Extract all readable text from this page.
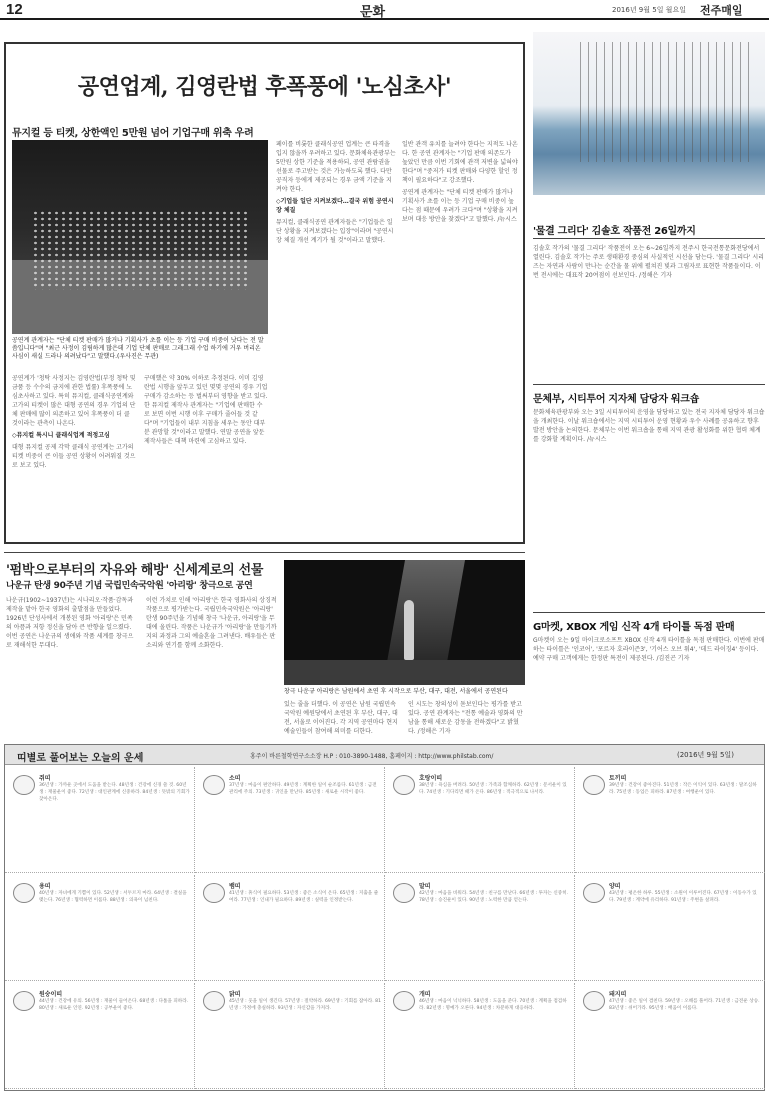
12	문화	2016년 9월 5일 월요일 전주매일
공연업계, 김영란법 후폭풍에 '노심초사'
뮤지컬 등 티켓, 상한액인 5만원 넘어 기업구매 위축 우려
공연계 관계자는 "단체 티켓 판매가 많거나 기획사가 초를 이는 등 기업 구매 비중이 낫다는 전 말씀입니다"며 "최근 사정이 김림하게 많은데 기업 단체 판매로 그래그래 수업 하기에 거우 버리온 사심이 새실 드라나 의려났다"고 말했다.(우사진은 무관)

공연계가 '청탁 사정지는 김영란법(부정 청탁 및 금품 등 수수의 금지에 관한 법률) 후폭풍에 노심초사하고 있다. 특히 뮤지컬, 클래식공연계와 고가의 티켓이 많은 대형 공연의 경우 기업의 단체 판매에 많이 의존하고 있어 후폭풍이 더 클 것이라는 관측이 나온다.

◇뮤지컬 특시니 클래식업계 적정고심

대형 뮤지컬 공제 각막 클래식 공연계는 고가의 티켓 비중이 큰 이들 공연 상황이 어려워질 것으로 보고 있다.

구매했은 약 30% 이하로 추정된다. 이미 김영란법 시행을 앞두고 있던 몇몇 공연의 경우 기업 구매가 감소하는 등 벌써부터 영향을 받고 있다. 한 뮤지컬 제작사 관계자는 "기업에 판매한 수로 보면 이번 시행 이후 구매가 줄어들 것 같다"며 "기업들이 내부 지침을 세우는 동안 대부분 관망할 것"이라고 말했다. 연말 공연을 앞둔 제작사들은 대책 마련에 고심하고 있다.

페이를 비롯한 클래식공연 업계는 큰 타격을 입지 않을까 우려하고 있다. 문화체육관광부는 5만원 상한 기준을 적용하되, 공연 관람권을 선물로 주고받는 것은 가능하도록 했다. 다만 공직자 등에게 제공되는 경우 금액 기준을 지켜야 한다.

◇기업들 일단 지켜보겠다…결국 위험 공연시장 체질

뮤지컬, 클래식공연 관계자들은 "기업들은 일단 상황을 지켜보겠다는 입장"이라며 "공연시장 체질 개선 계기가 될 것"이라고 말했다.

일반 관객 유치를 늘려야 한다는 지적도 나온다. 한 공연 관계자는 "기업 판매 의존도가 높았던 만큼 이번 기회에 관객 저변을 넓혀야 한다"며 "중저가 티켓 판매와 다양한 할인 정책이 필요하다"고 강조했다.

공연계 관계자는 "단체 티켓 판매가 많거나 기획사가 초를 이는 등 기업 구매 비중이 높다는 점 때문에 우려가 크다"며 "상황을 지켜보며 대응 방안을 찾겠다"고 말했다. /뉴시스

'물결 그리다' 김솔호 작품전 26일까지
김솔호 작가의 '물결 그리다' 작품전이 오는 6~26일까지 전주시 한국전통문화전당에서 열린다. 김솔호 작가는 주로 생태환경 중심의 사실적인 시선을 담는다. '물결 그리다' 시리즈는 자연과 사람이 만나는 순간을 물 위에 펼쳐진 빛과 그림자로 표현한 작품들이다. 이번 전시에는 대표작 20여점이 선보인다. /정해은 기자
문체부, 시티투어 지자체 담당자 워크숍
문화체육관광부와 오는 3일 시티투어의 운영을 담당하고 있는 전국 지자체 담당자 워크숍을 개최한다. 이날 워크숍에서는 지역 시티투어 운영 현황과 우수 사례를 공유하고 향후 발전 방안을 논의한다. 문체부는 이번 워크숍을 통해 지역 관광 활성화를 위한 협력 체계를 강화할 계획이다. /뉴시스
G마켓, XBOX 게임 신작 4개 타이틀 독점 판매
G마켓이 오는 9일 마이크로소프트 XBOX 신작 4개 타이틀을 독점 판매한다. 이번에 판매하는 타이틀은 '인코어', '포르자 호라이즌3', '기어스 오브 워4', '데드 라이징4' 등이다. 예약 구매 고객에게는 한정판 특전이 제공된다. /김진곤 기자
'펌박으로부터의 자유와 해방' 신세계로의 선물
나운규 탄생 90주년 기념 국립민속국악원 '아리랑' 창극으로 공연
나운규(1902~1937년)는 시나리오·작품·감독과 제작을 맡아 한국 영화의 출발점을 만들었다. 1926년 단성사에서 개봉된 영화 '아리랑'은 민족의 아픔과 저항 정신을 담아 큰 반향을 일으켰다. 이번 공연은 나운규의 생애와 작품 세계를 창극으로 재해석한 무대다.
이런 가치로 인해 '아리랑'은 한국 영화사의 상징적 작품으로 평가받는다. 국립민속국악원은 '아리랑' 탄생 90주년을 기념해 창극 '나운규, 아리랑'을 무대에 올린다. 작품은 나운규가 '아리랑'을 만들기까지의 과정과 그의 예술혼을 그려낸다. 배우들은 판소리와 연기를 함께 소화한다.
창극 나운규 아리랑은 남원에서 초연 후 시작으로 부산, 대구, 대전, 서울에서 공연된다
있는 줄을 더했다. 이 공연은 남원 국립민속국악원 예원당에서 초연된 후 부산, 대구, 대전, 서울로 이어진다. 각 지역 공연마다 현지 예술인들이 참여해 의미를 더한다.
인 시도는 창의성이 돋보인다는 평가를 받고 있다. 공연 관계자는 "전통 예술과 영화의 만남을 통해 새로운 감동을 전하겠다"고 밝혔다. /정해은 기자
띠별로 풀어보는 오늘의 운세	홍주이 바른철학연구소소장 H.P : 010-3890-1488, 홈페이지 : http://www.philstab.com/	(2016년 9월 5일)
쥐띠
36년생 : 가까운 곳에서 도움을 받는다. 48년생 : 건강에 신경 쓸 것. 60년생 : 재물운이 좋다. 72년생 : 대인관계에 신중하라. 84년생 : 뜻밖의 기회가 찾아온다.
소띠
37년생 : 마음이 편안하다. 49년생 : 계획한 일이 순조롭다. 61년생 : 금전 관리에 주의. 73년생 : 귀인을 만난다. 85년생 : 새로운 시작이 좋다.
호랑이띠
38년생 : 욕심을 버려라. 50년생 : 가족과 함께하라. 62년생 : 문서운이 있다. 74년생 : 기다리면 때가 온다. 86년생 : 적극적으로 나서라.
토끼띠
39년생 : 건강이 좋아진다. 51년생 : 작은 이익이 있다. 63년생 : 말조심하라. 75년생 : 동업은 피하라. 87년생 : 여행운이 있다.
용띠
40년생 : 자녀에게 기쁨이 있다. 52년생 : 서두르지 마라. 64년생 : 결실을 맺는다. 76년생 : 협력하면 이롭다. 88년생 : 의욕이 넘친다.
뱀띠
41년생 : 휴식이 필요하다. 53년생 : 좋은 소식이 온다. 65년생 : 지출을 줄여라. 77년생 : 인내가 필요하다. 89년생 : 실력을 인정받는다.
말띠
42년생 : 마음을 비워라. 54년생 : 친구를 만난다. 66년생 : 투자는 신중히. 78년생 : 승진운이 있다. 90년생 : 노력한 만큼 얻는다.
양띠
43년생 : 평온한 하루. 55년생 : 소원이 이루어진다. 67년생 : 이동수가 있다. 79년생 : 계약에 유리하다. 91년생 : 주변을 살펴라.
원숭이띠
44년생 : 건강에 유의. 56년생 : 재물이 들어온다. 68년생 : 다툼을 피하라. 80년생 : 새로운 인연. 92년생 : 공부운이 좋다.
닭띠
45년생 : 웃을 일이 생긴다. 57년생 : 절약하라. 69년생 : 기회를 잡아라. 81년생 : 가정에 충실하라. 93년생 : 자신감을 가져라.
개띠
46년생 : 마음이 넉넉하다. 58년생 : 도움을 준다. 70년생 : 계획을 점검하라. 82년생 : 명예가 오른다. 94년생 : 차분하게 대응하라.
돼지띠
47년생 : 좋은 일이 겹친다. 59년생 : 오해를 풀어라. 71년생 : 금전운 상승. 83년생 : 쉬어가라. 95년생 : 배움이 이롭다.
